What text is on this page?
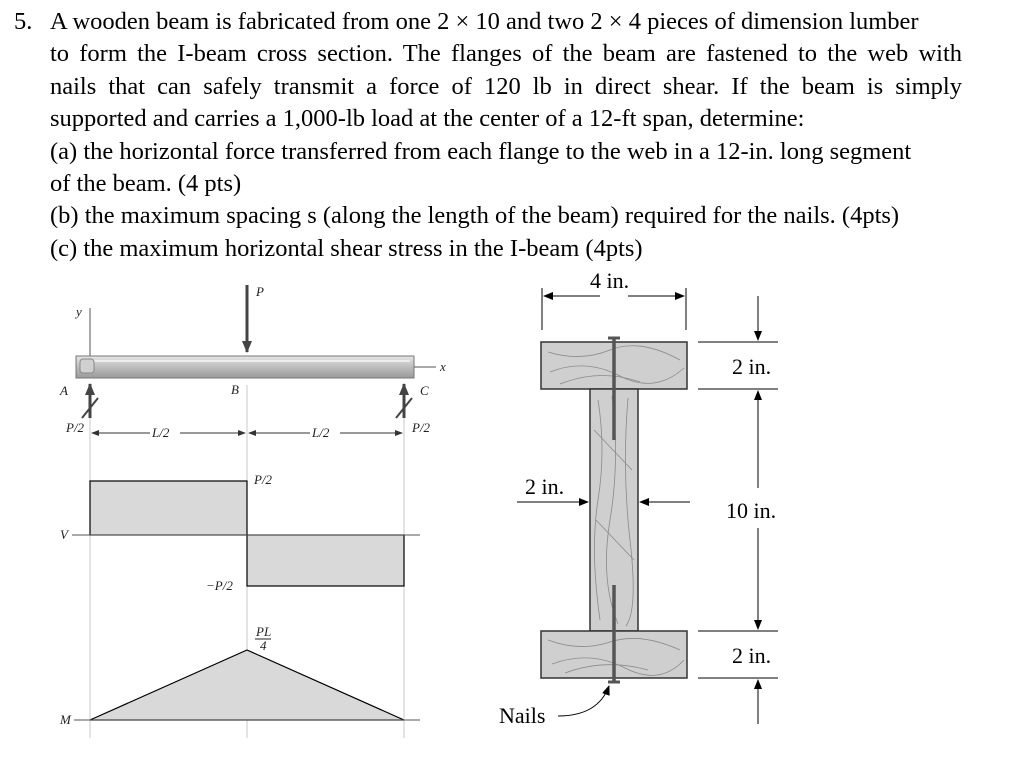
5. A wooden beam is fabricated from one 2 × 10 and two 2 × 4 pieces of dimension lumber
to form the I-beam cross section. The flanges of the beam are fastened to the web with
nails that can safely transmit a force of 120 lb in direct shear. If the beam is simply
supported and carries a 1,000-lb load at the center of a 12-ft span, determine:
(a) the horizontal force transferred from each flange to the web in a 12-in. long segment
of the beam. (4 pts)
(b) the maximum spacing s (along the length of the beam) required for the nails. (4pts)
(c) the maximum horizontal shear stress in the I-beam (4pts)
y
x
P
A
P/2
C
P/2
B
L/2	L/2
V
P/2
−P/2
M
PL
4
4 in.
2 in.
10 in.
2 in.
2 in.
Nails
